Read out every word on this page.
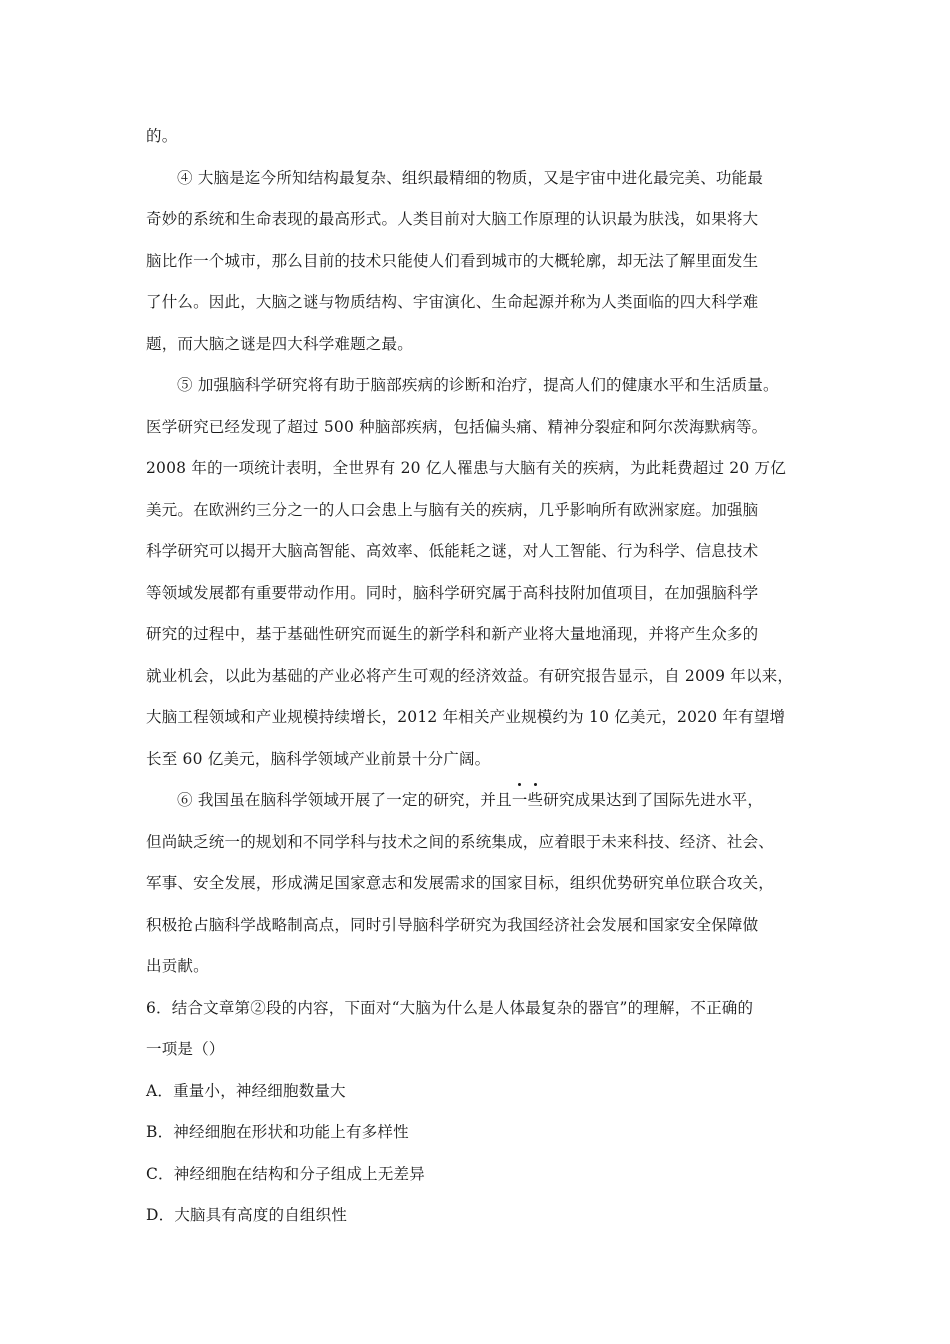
的。
④ 大脑是迄今所知结构最复杂、组织最精细的物质，又是宇宙中进化最完美、功能最
奇妙的系统和生命表现的最高形式。人类目前对大脑工作原理的认识最为肤浅，如果将大
脑比作一个城市，那么目前的技术只能使人们看到城市的大概轮廓，却无法了解里面发生
了什么。因此，大脑之谜与物质结构、宇宙演化、生命起源并称为人类面临的四大科学难
题，而大脑之谜是四大科学难题之最。
⑤ 加强脑科学研究将有助于脑部疾病的诊断和治疗，提高人们的健康水平和生活质量。
医学研究已经发现了超过 500 种脑部疾病，包括偏头痛、精神分裂症和阿尔茨海默病等。
2008 年的一项统计表明，全世界有 20 亿人罹患与大脑有关的疾病，为此耗费超过 20 万亿
美元。在欧洲约三分之一的人口会患上与脑有关的疾病，几乎影响所有欧洲家庭。加强脑
科学研究可以揭开大脑高智能、高效率、低能耗之谜，对人工智能、行为科学、信息技术
等领域发展都有重要带动作用。同时，脑科学研究属于高科技附加值项目，在加强脑科学
研究的过程中，基于基础性研究而诞生的新学科和新产业将大量地涌现，并将产生众多的
就业机会，以此为基础的产业必将产生可观的经济效益。有研究报告显示，自 2009 年以来，
大脑工程领域和产业规模持续增长，2012 年相关产业规模约为 10 亿美元，2020 年有望增
长至 60 亿美元，脑科学领域产业前景十分广阔。
⑥ 我国虽在脑科学领域开展了一定的研究，并且一些研究成果达到了国际先进水平，
但尚缺乏统一的规划和不同学科与技术之间的系统集成，应着眼于未来科技、经济、社会、
军事、安全发展，形成满足国家意志和发展需求的国家目标，组织优势研究单位联合攻关，
积极抢占脑科学战略制高点，同时引导脑科学研究为我国经济社会发展和国家安全保障做
出贡献。
6．结合文章第②段的内容，下面对“大脑为什么是人体最复杂的器官”的理解，不正确的
一项是（）
A．重量小，神经细胞数量大
B．神经细胞在形状和功能上有多样性
C．神经细胞在结构和分子组成上无差异
D．大脑具有高度的自组织性
